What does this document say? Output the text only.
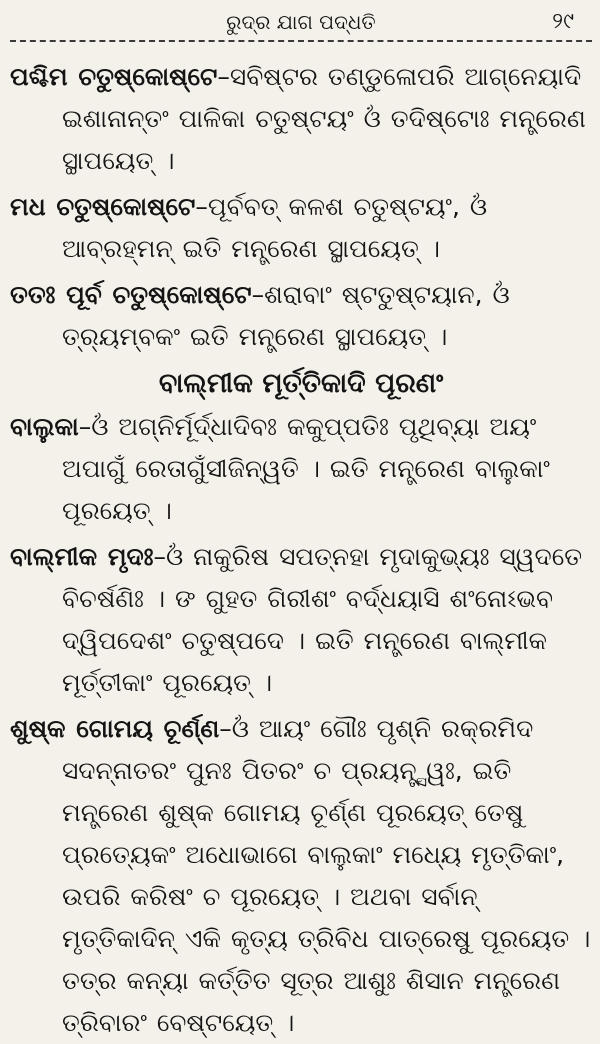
ରୁଦ୍ର ଯାଗ ପଦ୍ଧତି	୨୯

ପଶ୍ଚିମ ଚତୁଷ୍କୋଷ୍ଟେ–ସବିଷ୍ଟର ତଣ୍ଡୁଳୋପରି ଆଗ୍ନେୟାଦି ଇଶାନାନ୍ତଂ ପାଳିକା ଚତୁଷ୍ଟୟଂ ଓଁ ତଦିଷ୍ଟୋଃ ମନ୍ତ୍ରେଣ ସ୍ଥାପୟେତ୍ ।

ମଧ ଚତୁଷ୍କୋଷ୍ଟେ–ପୂର୍ବବତ୍ କଳଶ ଚତୁଷ୍ଟୟଂ, ଓଁ ଆବ୍ରହ୍ମନ୍ ଇତି ମନ୍ତ୍ରେଣ ସ୍ଥାପୟେତ୍ ।

ତତଃ ପୂର୍ବ ଚତୁଷ୍କୋଷ୍ଟେ–ଶରାବାଂ ଷ୍ଟତୁଷ୍ଟୟାନ, ଓଁ ତ୍ର୍ୟମ୍ବକଂ ଇତି ମନ୍ତ୍ରେଣ ସ୍ଥାପୟେତ୍ ।

ବାଲ୍ମୀକ ମୂର୍ତ୍ତିକାଦି ପୂରଣଂ

ବାଲୁକା–ଓଁ ଅଗ୍ନିର୍ମୂର୍ଦ୍ଧାଦିବଃ କକୁପ୍ପତିଃ ପୃଥିବ୍ୟା ଅୟଂ ଅପାଗୁଁ ରେତାଗୁଁସୀଜିନ୍ୱତି । ଇତି ମନ୍ତ୍ରେଣ ବାଲୁକାଂ ପୂରୟେତ୍ ।

ବାଲ୍ମୀକ ମୃଦଃ–ଓଁ ନାକୁରିଷ ସପତ୍ନହା ମୃଦାକୁଭ୍ୟଃ ସ୍ୱଦତେ ବିଚର୍ଷଣିଃ । ଙ ଗୁହତ ଗିରୀଶଂ ବର୍ଦ୍ଧୟାସି ଶଂନୋଽଭବ ଦ୍ୱିପଦେଶଂ ଚତୁଷ୍ପଦେ । ଇତି ମନ୍ତ୍ରେଣ ବାଲ୍ମୀକ ମୂର୍ତ୍ତୀକାଂ ପୂରୟେତ୍ ।

ଶୁଷ୍କ ଗୋମୟ ଚୂର୍ଣ୍ଣ–ଓଁ ଆୟଂ ଗୌଃ ପୃଶ୍ନି ରକ୍ରମିଦ ସଦନ୍ନାତରଂ ପୁନଃ ପିତରଂ ଚ ପ୍ରୟନ୍ତ୍ସ୍ୱଃ, ଇତି ମନ୍ତ୍ରେଣ ଶୁଷ୍କ ଗୋମୟ ଚୂର୍ଣ୍ଣ ପୂରୟେତ୍ ତେଷୁ ପ୍ରତ୍ୟେକଂ ଅଧୋଭାଗେ ବାଲୁକାଂ ମଧ୍ୟେ ମୃତ୍ତିକାଂ, ଉପରି କରିଷଂ ଚ ପୂରୟେତ୍ । ଅଥବା ସର୍ବାନ୍ ମୃତ୍ତିକାଦିନ୍ ଏକି କୃତ୍ୟ ତ୍ରିବିଧ ପାତ୍ରେଷୁ ପୂରୟେତ । ତତ୍ର କନ୍ୟା କର୍ତ୍ତିତ ସୂତ୍ର ଆଶୁଃ ଶିସାନ ମନ୍ତ୍ରେଣ ତ୍ରିବାରଂ ବେଷ୍ଟୟେତ୍ ।
